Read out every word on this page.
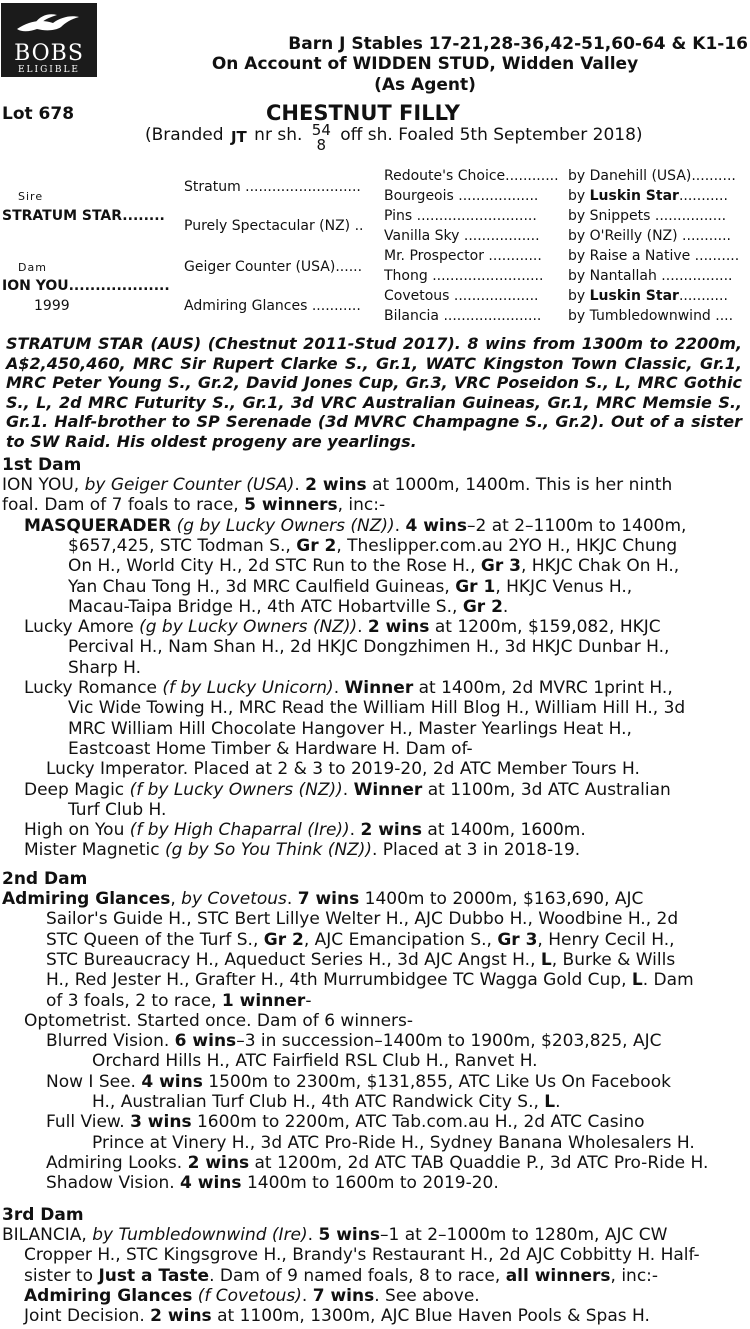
BOBS
ELIGIBLE
Barn J Stables 17-21,28-36,42-51,60-64 & K1-16
On Account of WIDDEN STUD, Widden Valley
(As Agent)
Lot 678	CHESTNUT FILLY
(Branded JT nr sh. 54
8 off sh. Foaled 5th September 2018)
Sire
STRATUM STAR........
Dam
ION YOU...................
1999
Stratum ..........................
Purely Spectacular (NZ) ..
Geiger Counter (USA)......
Admiring Glances ...........
Redoute's Choice............ by Danehill (USA)..........
Bourgeois ..................	by Luskin Star...........
Pins ...........................	by Snippets ................
Vanilla Sky .................	by O'Reilly (NZ) ...........
Mr. Prospector ............	by Raise a Native ..........
Thong .........................	by Nantallah ................
Covetous ...................	by Luskin Star...........
Bilancia ......................	by Tumbledownwind ....
STRATUM STAR (AUS) (Chestnut 2011-Stud 2017). 8 wins from 1300m to 2200m, A$2,450,460, MRC Sir Rupert Clarke S., Gr.1, WATC Kingston Town Classic, Gr.1, MRC Peter Young S., Gr.2, David Jones Cup, Gr.3, VRC Poseidon S., L, MRC Gothic S., L, 2d MRC Futurity S., Gr.1, 3d VRC Australian Guineas, Gr.1, MRC Memsie S., Gr.1. Half-brother to SP Serenade (3d MVRC Champagne S., Gr.2). Out of a sister to SW Raid. His oldest progeny are yearlings.
1st Dam
ION YOU, by Geiger Counter (USA). 2 wins at 1000m, 1400m. This is her ninth
foal. Dam of 7 foals to race, 5 winners, inc:-
MASQUERADER (g by Lucky Owners (NZ)). 4 wins–2 at 2–1100m to 1400m,
$657,425, STC Todman S., Gr 2, Theslipper.com.au 2YO H., HKJC Chung
On H., World City H., 2d STC Run to the Rose H., Gr 3, HKJC Chak On H.,
Yan Chau Tong H., 3d MRC Caulfield Guineas, Gr 1, HKJC Venus H.,
Macau-Taipa Bridge H., 4th ATC Hobartville S., Gr 2.
Lucky Amore (g by Lucky Owners (NZ)). 2 wins at 1200m, $159,082, HKJC
Percival H., Nam Shan H., 2d HKJC Dongzhimen H., 3d HKJC Dunbar H.,
Sharp H.
Lucky Romance (f by Lucky Unicorn). Winner at 1400m, 2d MVRC 1print H.,
Vic Wide Towing H., MRC Read the William Hill Blog H., William Hill H., 3d
MRC William Hill Chocolate Hangover H., Master Yearlings Heat H.,
Eastcoast Home Timber & Hardware H. Dam of-
Lucky Imperator. Placed at 2 & 3 to 2019-20, 2d ATC Member Tours H.
Deep Magic (f by Lucky Owners (NZ)). Winner at 1100m, 3d ATC Australian
Turf Club H.
High on You (f by High Chaparral (Ire)). 2 wins at 1400m, 1600m.
Mister Magnetic (g by So You Think (NZ)). Placed at 3 in 2018-19.
2nd Dam
Admiring Glances, by Covetous. 7 wins 1400m to 2000m, $163,690, AJC
Sailor's Guide H., STC Bert Lillye Welter H., AJC Dubbo H., Woodbine H., 2d
STC Queen of the Turf S., Gr 2, AJC Emancipation S., Gr 3, Henry Cecil H.,
STC Bureaucracy H., Aqueduct Series H., 3d AJC Angst H., L, Burke & Wills
H., Red Jester H., Grafter H., 4th Murrumbidgee TC Wagga Gold Cup, L. Dam
of 3 foals, 2 to race, 1 winner-
Optometrist. Started once. Dam of 6 winners-
Blurred Vision. 6 wins–3 in succession–1400m to 1900m, $203,825, AJC
Orchard Hills H., ATC Fairfield RSL Club H., Ranvet H.
Now I See. 4 wins 1500m to 2300m, $131,855, ATC Like Us On Facebook
H., Australian Turf Club H., 4th ATC Randwick City S., L.
Full View. 3 wins 1600m to 2200m, ATC Tab.com.au H., 2d ATC Casino
Prince at Vinery H., 3d ATC Pro-Ride H., Sydney Banana Wholesalers H.
Admiring Looks. 2 wins at 1200m, 2d ATC TAB Quaddie P., 3d ATC Pro-Ride H.
Shadow Vision. 4 wins 1400m to 1600m to 2019-20.
3rd Dam
BILANCIA, by Tumbledownwind (Ire). 5 wins–1 at 2–1000m to 1280m, AJC CW
Cropper H., STC Kingsgrove H., Brandy's Restaurant H., 2d AJC Cobbitty H. Half-
sister to Just a Taste. Dam of 9 named foals, 8 to race, all winners, inc:-
Admiring Glances (f Covetous). 7 wins. See above.
Joint Decision. 2 wins at 1100m, 1300m, AJC Blue Haven Pools & Spas H.
